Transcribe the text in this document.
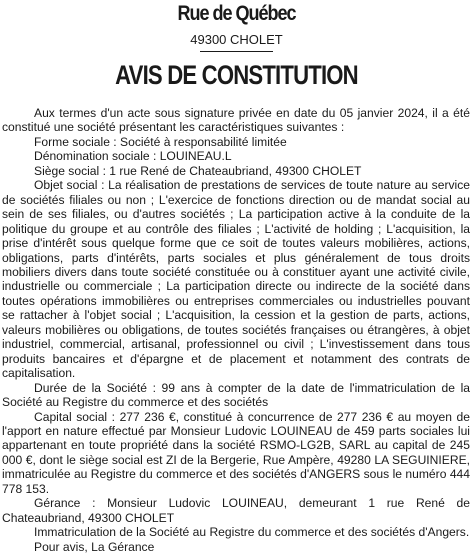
Rue de Québec
49300 CHOLET
AVIS DE CONSTITUTION

Aux termes d'un acte sous signature privée en date du 05 janvier 2024, il a été constitué une société présentant les caractéristiques suivantes :

Forme sociale : Société à responsabilité limitée

Dénomination sociale : LOUINEAU.L

Siège social : 1 rue René de Chateaubriand, 49300 CHOLET

Objet social : La réalisation de prestations de services de toute nature au service de sociétés filiales ou non ; L'exercice de fonctions direction ou de mandat social au sein de ses filiales, ou d'autres sociétés ; La participation active à la conduite de la politique du groupe et au contrôle des filiales ; L'activité de holding ; L'acquisition, la prise d'intérêt sous quelque forme que ce soit de toutes valeurs mobilières, actions, obligations, parts d'intérêts, parts sociales et plus généralement de tous droits mobiliers divers dans toute société constituée ou à constituer ayant une activité civile, industrielle ou commerciale ; La participation directe ou indirecte de la société dans toutes opérations immobilières ou entreprises commerciales ou industrielles pouvant se rattacher à l'objet social ; L'acquisition, la cession et la gestion de parts, actions, valeurs mobilières ou obligations, de toutes sociétés françaises ou étrangères, à objet industriel, commercial, artisanal, professionnel ou civil ; L'investissement dans tous produits bancaires et d'épargne et de placement et notamment des contrats de capitalisation.

Durée de la Société : 99 ans à compter de la date de l'immatriculation de la Société au Registre du commerce et des sociétés

Capital social : 277 236 €, constitué à concurrence de 277 236 € au moyen de l'apport en nature effectué par Monsieur Ludovic LOUINEAU de 459 parts sociales lui appartenant en toute propriété dans la société RSMO-LG2B, SARL au capital de 245 000 €, dont le siège social est ZI de la Bergerie, Rue Ampère, 49280 LA SEGUINIERE, immatriculée au Registre du commerce et des sociétés d'ANGERS sous le numéro 444 778 153.

Gérance : Monsieur Ludovic LOUINEAU, demeurant 1 rue René de Chateaubriand, 49300 CHOLET

Immatriculation de la Société au Registre du commerce et des sociétés d'Angers.

Pour avis, La Gérance
